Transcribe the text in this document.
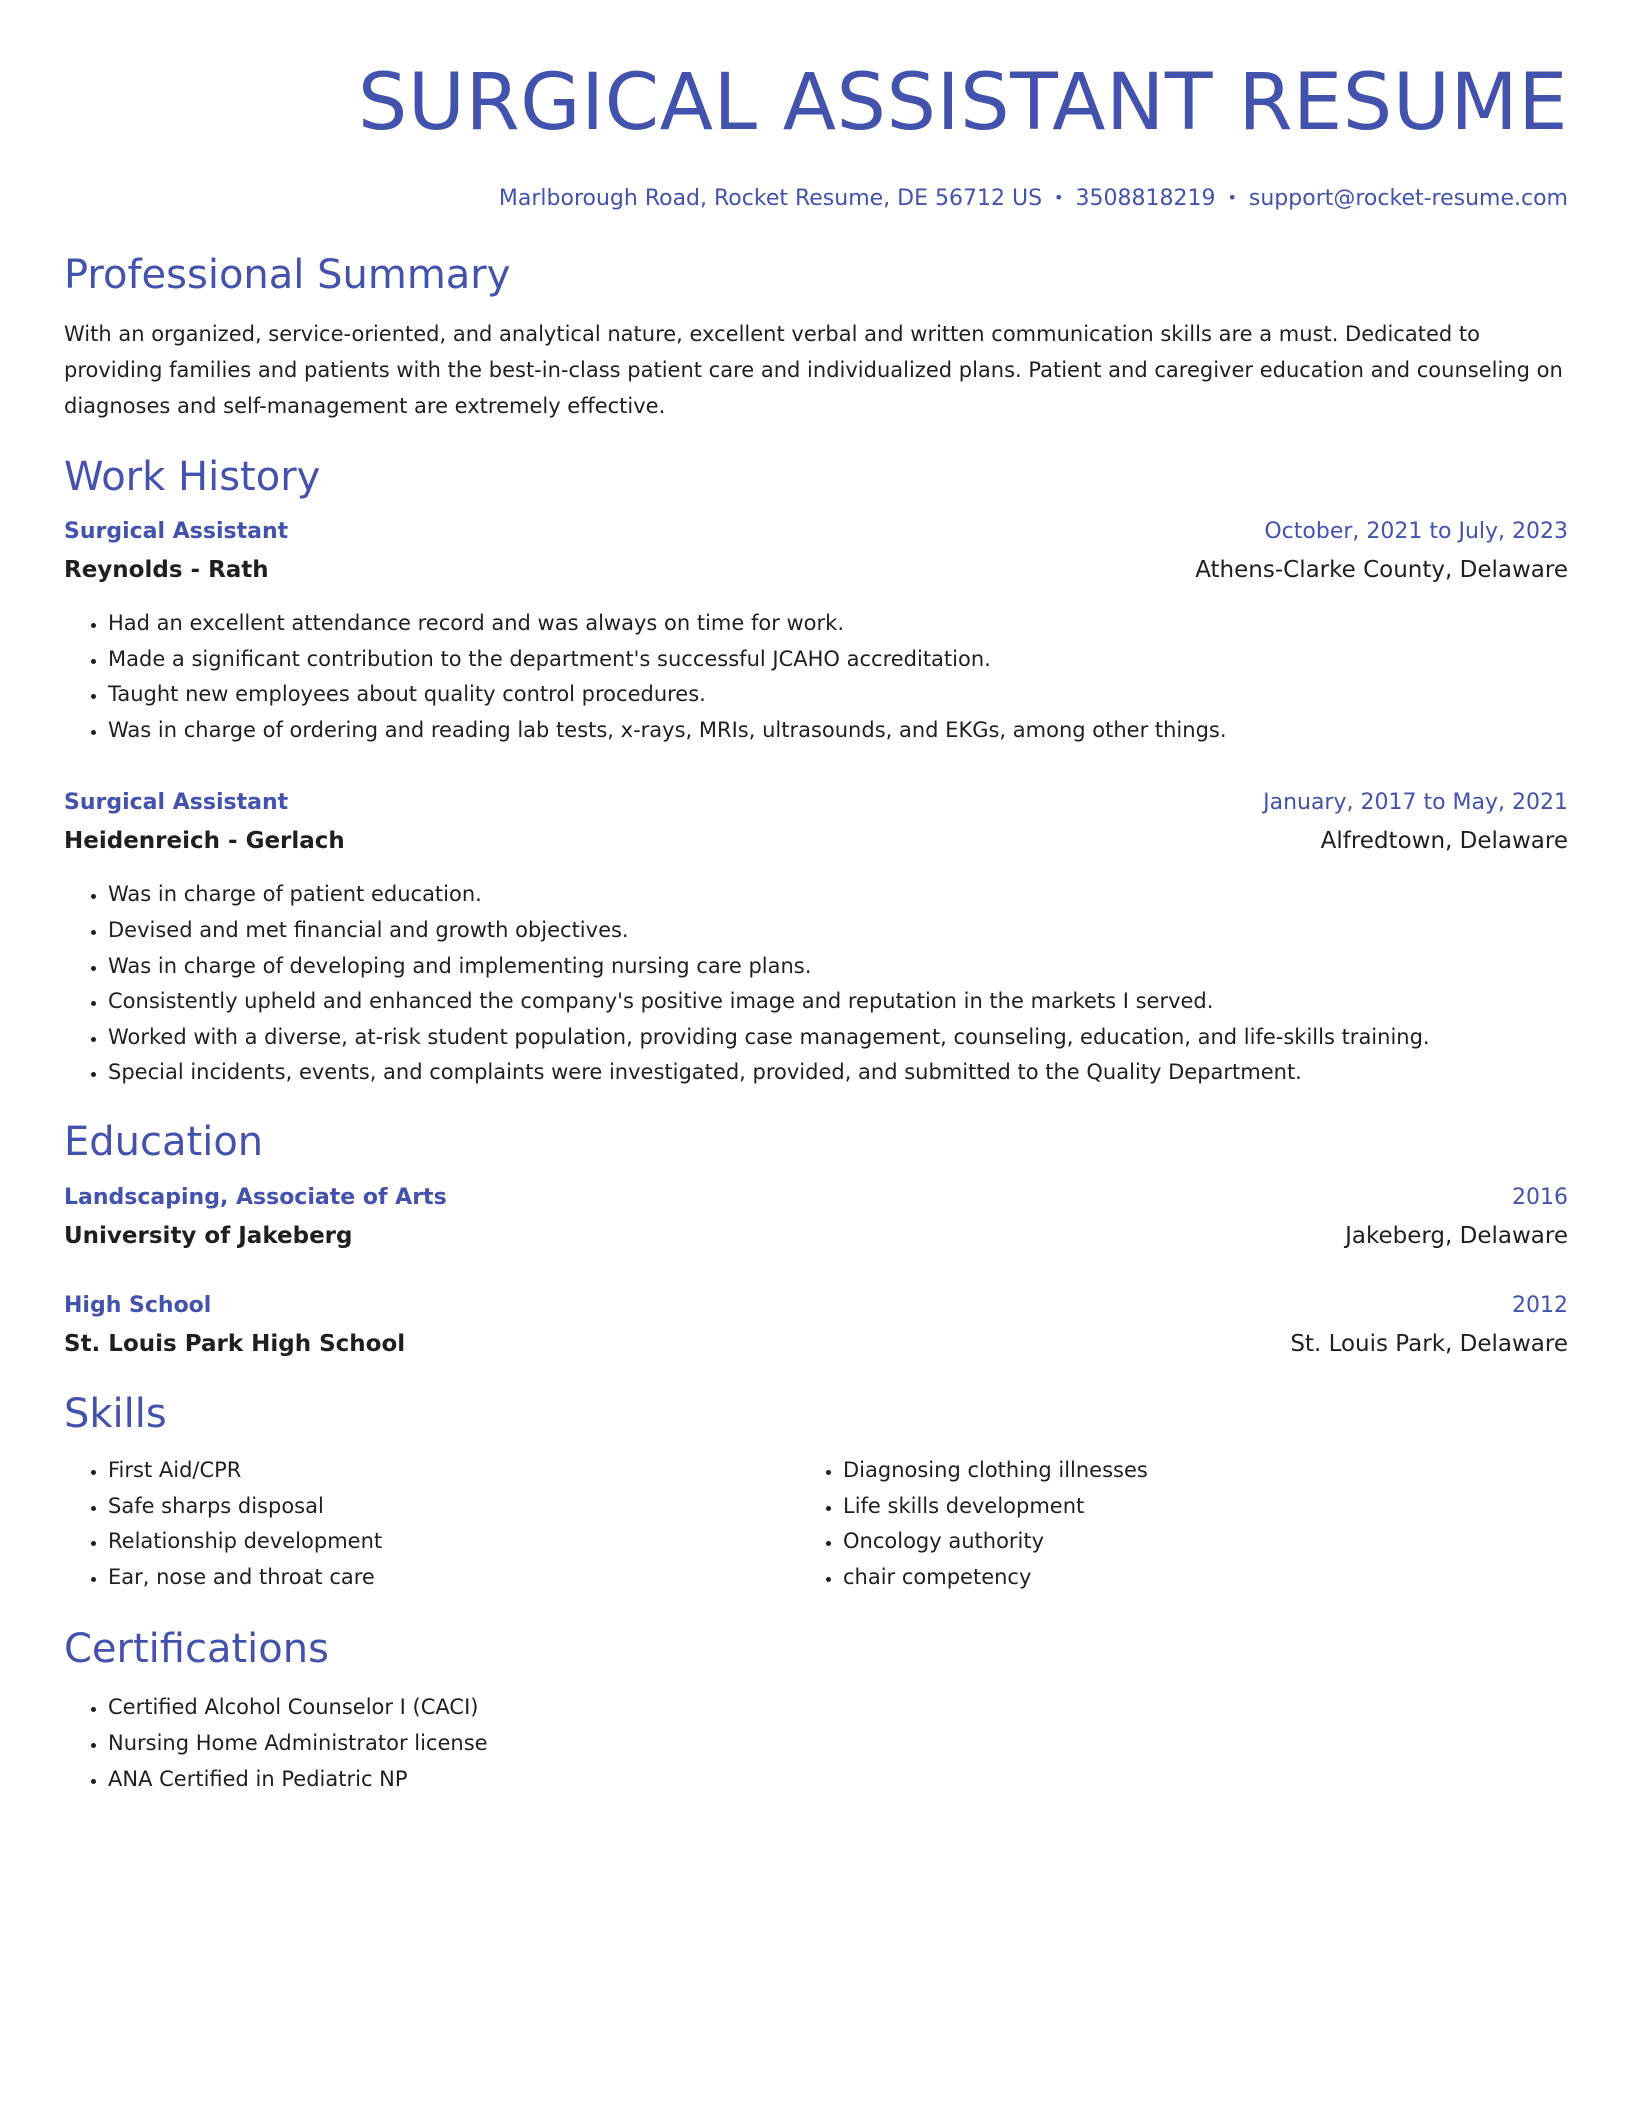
SURGICAL ASSISTANT RESUME
Marlborough Road, Rocket Resume, DE 56712 US • 3508818219 • support@rocket-resume.com
Professional Summary

With an organized, service-oriented, and analytical nature, excellent verbal and written communication skills are a must. Dedicated to providing families and patients with the best-in-class patient care and individualized plans. Patient and caregiver education and counseling on diagnoses and self-management are extremely effective.

Work History
Surgical Assistant	October, 2021 to July, 2023
Reynolds - Rath	Athens-Clarke County, Delaware
• Had an excellent attendance record and was always on time for work.
• Made a significant contribution to the department's successful JCAHO accreditation.
• Taught new employees about quality control procedures.
• Was in charge of ordering and reading lab tests, x-rays, MRIs, ultrasounds, and EKGs, among other things.
Surgical Assistant	January, 2017 to May, 2021
Heidenreich - Gerlach	Alfredtown, Delaware
• Was in charge of patient education.
• Devised and met financial and growth objectives.
• Was in charge of developing and implementing nursing care plans.
• Consistently upheld and enhanced the company's positive image and reputation in the markets I served.
• Worked with a diverse, at-risk student population, providing case management, counseling, education, and life-skills training.
• Special incidents, events, and complaints were investigated, provided, and submitted to the Quality Department.
Education
Landscaping, Associate of Arts	2016
University of Jakeberg	Jakeberg, Delaware
High School	2012
St. Louis Park High School	St. Louis Park, Delaware
Skills
• First Aid/CPR
• Safe sharps disposal
• Relationship development
• Ear, nose and throat care
• Diagnosing clothing illnesses
• Life skills development
• Oncology authority
• chair competency
Certifications
• Certified Alcohol Counselor I (CACI)
• Nursing Home Administrator license
• ANA Certified in Pediatric NP
